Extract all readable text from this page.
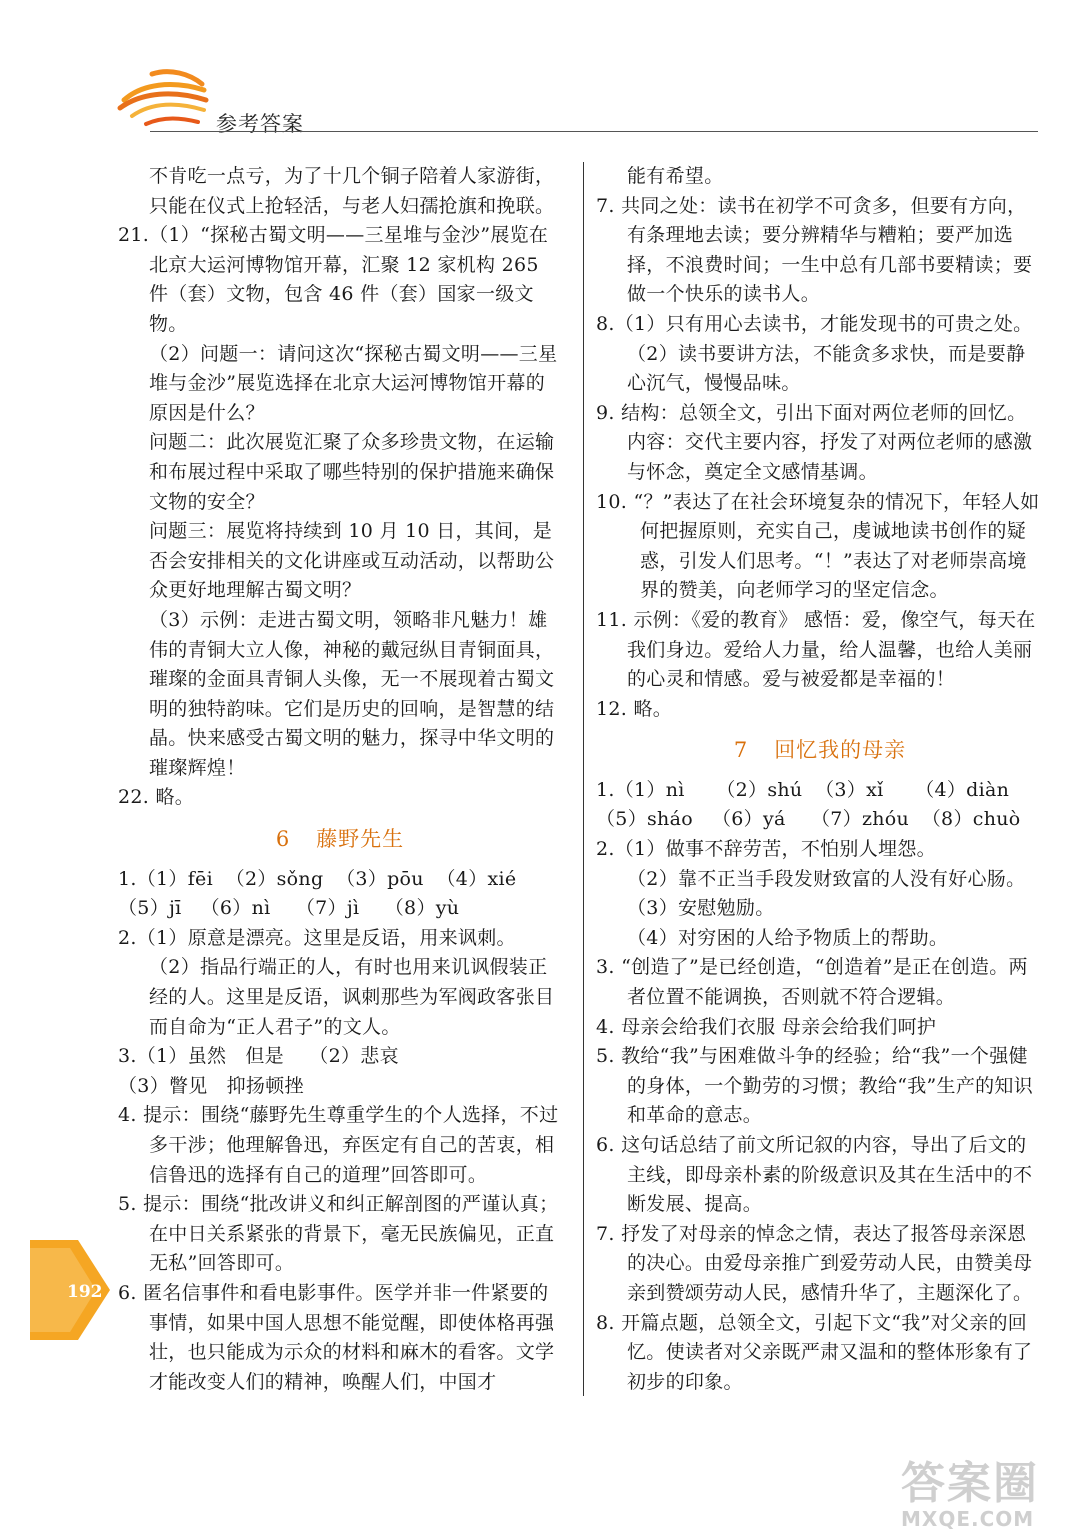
参考答案
192

不肯吃一点亏，为了十几个铜子陪着人家游街，只能在仪式上抢轻活，与老人妇孺抢旗和挽联。

21.（1）“探秘古蜀文明——三星堆与金沙”展览在北京大运河博物馆开幕，汇聚 12 家机构 265 件（套）文物，包含 46 件（套）国家一级文物。

（2）问题一：请问这次“探秘古蜀文明——三星堆与金沙”展览选择在北京大运河博物馆开幕的原因是什么？

问题二：此次展览汇聚了众多珍贵文物，在运输和布展过程中采取了哪些特别的保护措施来确保文物的安全？

问题三：展览将持续到 10 月 10 日，其间，是否会安排相关的文化讲座或互动活动，以帮助公众更好地理解古蜀文明？

（3）示例：走进古蜀文明，领略非凡魅力！雄伟的青铜大立人像，神秘的戴冠纵目青铜面具，璀璨的金面具青铜人头像，无一不展现着古蜀文明的独特韵味。它们是历史的回响，是智慧的结晶。快来感受古蜀文明的魅力，探寻中华文明的璀璨辉煌！

22. 略。

6 藤野先生

1.（1）fēi  （2）sǒng  （3）pōu  （4）xié

（5）jī   （6）nì    （7）jì    （8）yù

2.（1）原意是漂亮。这里是反语，用来讽刺。

（2）指品行端正的人，有时也用来讥讽假装正经的人。这里是反语，讽刺那些为军阀政客张目而自命为“正人君子”的文人。

3.（1）虽然   但是    （2）悲哀

（3）瞥见   抑扬顿挫

4. 提示：围绕“藤野先生尊重学生的个人选择，不过多干涉；他理解鲁迅，弃医定有自己的苦衷，相信鲁迅的选择有自己的道理”回答即可。

5. 提示：围绕“批改讲义和纠正解剖图的严谨认真；在中日关系紧张的背景下，毫无民族偏见，正直无私”回答即可。

6. 匿名信事件和看电影事件。医学并非一件紧要的事情，如果中国人思想不能觉醒，即使体格再强壮，也只能成为示众的材料和麻木的看客。文学才能改变人们的精神，唤醒人们，中国才

能有希望。

7. 共同之处：读书在初学不可贪多，但要有方向，有条理地去读；要分辨精华与糟粕；要严加选择，不浪费时间；一生中总有几部书要精读；要做一个快乐的读书人。

8.（1）只有用心去读书，才能发现书的可贵之处。

（2）读书要讲方法，不能贪多求快，而是要静心沉气，慢慢品味。

9. 结构：总领全文，引出下面对两位老师的回忆。

内容：交代主要内容，抒发了对两位老师的感激与怀念，奠定全文感情基调。

10. “？”表达了在社会环境复杂的情况下，年轻人如何把握原则，充实自己，虔诚地读书创作的疑惑，引发人们思考。“！”表达了对老师崇高境界的赞美，向老师学习的坚定信念。

11. 示例：《爱的教育》 感悟：爱，像空气，每天在我们身边。爱给人力量，给人温馨，也给人美丽的心灵和情感。爱与被爱都是幸福的！

12. 略。

7 回忆我的母亲

1.（1）nì     （2）shú  （3）xǐ     （4）diàn

（5）sháo   （6）yá    （7）zhóu  （8）chuò

2.（1）做事不辞劳苦，不怕别人埋怨。

（2）靠不正当手段发财致富的人没有好心肠。

（3）安慰勉励。

（4）对穷困的人给予物质上的帮助。

3. “创造了”是已经创造，“创造着”是正在创造。两者位置不能调换，否则就不符合逻辑。

4. 母亲会给我们衣服 母亲会给我们呵护

5. 教给“我”与困难做斗争的经验；给“我”一个强健的身体，一个勤劳的习惯；教给“我”生产的知识和革命的意志。

6. 这句话总结了前文所记叙的内容，导出了后文的主线，即母亲朴素的阶级意识及其在生活中的不断发展、提高。

7. 抒发了对母亲的悼念之情，表达了报答母亲深恩的决心。由爱母亲推广到爱劳动人民，由赞美母亲到赞颂劳动人民，感情升华了，主题深化了。

8. 开篇点题，总领全文，引起下文“我”对父亲的回忆。使读者对父亲既严肃又温和的整体形象有了初步的印象。

答案圈
MXQE.COM
